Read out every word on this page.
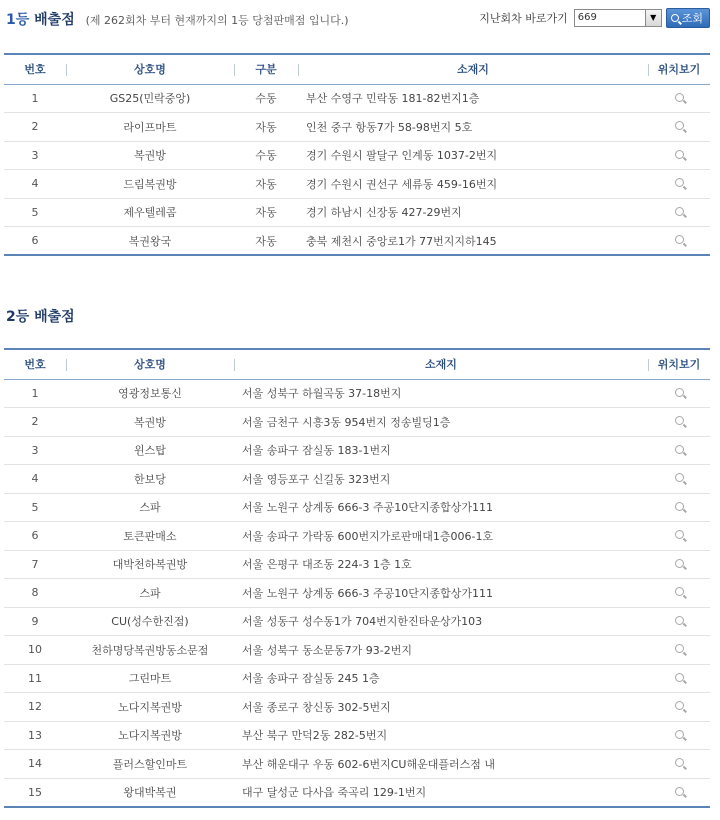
1등 배출점 (제 262회차 부터 현재까지의 1등 당첨판매점 입니다.)	지난회차 바로가기	669	▼	조회
번호	상호명	구분	소재지	위치보기
1	GS25(민락중앙)	수동	부산 수영구 민락동 181-82번지1층	
2	라이프마트	자동	인천 중구 항동7가 58-98번지 5호	
3	복권방	수동	경기 수원시 팔달구 인계동 1037-2번지	
4	드림복권방	자동	경기 수원시 권선구 세류동 459-16번지	
5	제우텔레콤	자동	경기 하남시 신장동 427-29번지	
6	복권왕국	자동	충북 제천시 중앙로1가 77번지지하145	
2등 배출점
번호	상호명	소재지	위치보기
1	영광정보통신	서울 성북구 하월곡동 37-18번지	
2	복권방	서울 금천구 시흥3동 954번지 정송빌딩1층	
3	윈스탑	서울 송파구 잠실동 183-1번지	
4	한보당	서울 영등포구 신길동 323번지	
5	스파	서울 노원구 상계동 666-3 주공10단지종합상가111	
6	토큰판매소	서울 송파구 가락동 600번지가로판매대1층006-1호	
7	대박천하복권방	서울 은평구 대조동 224-3 1층 1호	
8	스파	서울 노원구 상계동 666-3 주공10단지종합상가111	
9	CU(성수한진점)	서울 성동구 성수동1가 704번지한진타운상가103	
10	천하명당복권방동소문점	서울 성북구 동소문동7가 93-2번지	
11	그린마트	서울 송파구 잠실동 245 1층	
12	노다지복권방	서울 종로구 창신동 302-5번지	
13	노다지복권방	부산 북구 만덕2동 282-5번지	
14	플러스할인마트	부산 해운대구 우동 602-6번지CU해운대플러스점 내	
15	왕대박복권	대구 달성군 다사읍 죽곡리 129-1번지	
